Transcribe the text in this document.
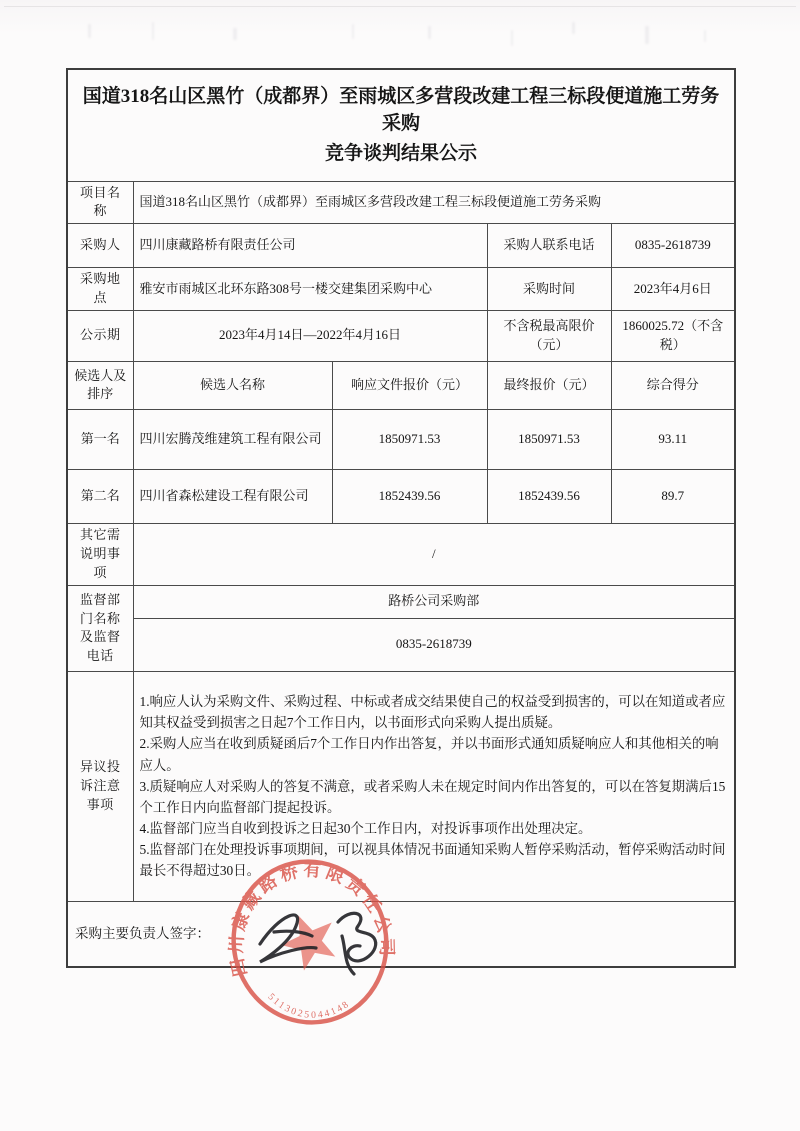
国道318名山区黑竹（成都界）至雨城区多营段改建工程三标段便道施工劳务采购
竞争谈判结果公示				

项目名称	国道318名山区黑竹（成都界）至雨城区多营段改建工程三标段便道施工劳务采购			
采购人	四川康藏路桥有限责任公司		采购人联系电话	0835-2618739
采购地点	雅安市雨城区北环东路308号一楼交建集团采购中心		采购时间	2023年4月6日
公示期	2023年4月14日—2022年4月16日		不含税最高限价（元）	1860025.72（不含税）
候选人及排序	候选人名称	响应文件报价（元）	最终报价（元）	综合得分
第一名	四川宏腾茂维建筑工程有限公司	1850971.53	1850971.53	93.11
第二名	四川省森松建设工程有限公司	1852439.56	1852439.56	89.7
其它需说明事项	/			
监督部门名称及监督电话	路桥公司采购部			
	0835-2618739			
异议投诉注意事项	1.响应人认为采购文件、采购过程、中标或者成交结果使自己的权益受到损害的，可以在知道或者应知其权益受到损害之日起7个工作日内，以书面形式向采购人提出质疑。
2.采购人应当在收到质疑函后7个工作日内作出答复，并以书面形式通知质疑响应人和其他相关的响应人。
3.质疑响应人对采购人的答复不满意，或者采购人未在规定时间内作出答复的，可以在答复期满后15个工作日内向监督部门提起投诉。
4.监督部门应当自收到投诉之日起30个工作日内，对投诉事项作出处理决定。
5.监督部门在处理投诉事项期间，可以视具体情况书面通知采购人暂停采购活动，暂停采购活动时间最长不得超过30日。			

采购主要负责人签字：				
四川康藏路桥有限责任公司
5113025044148
